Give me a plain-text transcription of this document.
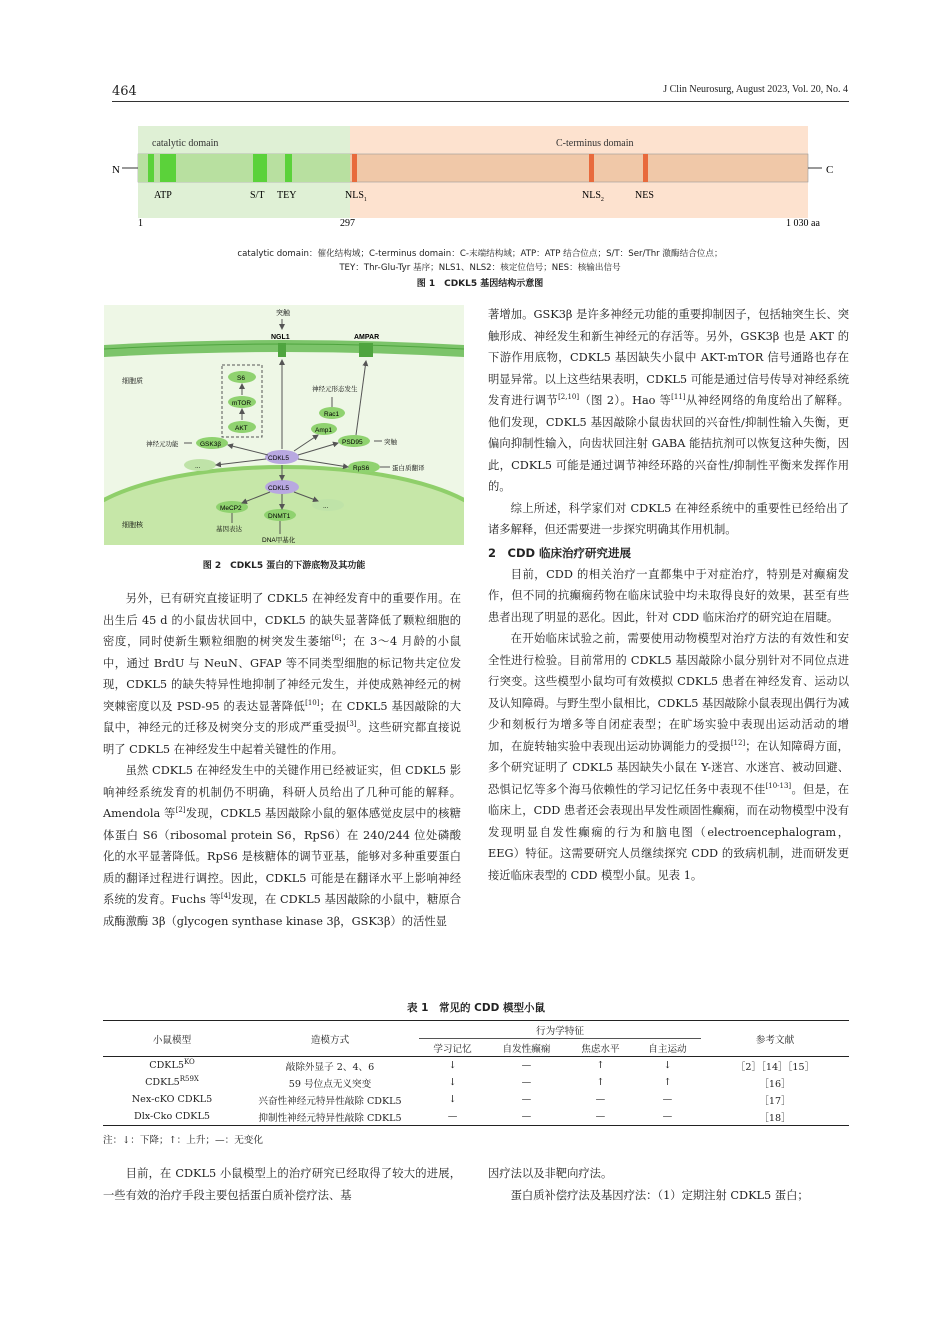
464	J Clin Neurosurg, August 2023, Vol. 20, No. 4
N	C
catalytic domain	C-terminus domain
ATP	S/T TEY	$NLS_1$	$NLS_2$	NES
1	297	1 030 aa
catalytic domain：催化结构域；C-terminus domain：C-末端结构域；ATP：ATP 结合位点；S/T：Ser/Thr 激酶结合位点；
TEY：Thr-Glu-Tyr 基序；NLS1、NLS2：核定位信号；NES：核输出信号
图 1　 CDKL5 基因结构示意图
突触
NGL1	AMPAR
细胞质
细胞核
S6
mTOR
AKT
GSK3β
神经元功能
Rac1
Amp1
神经元形态发生
PSD95	突触
RpS6	蛋白质翻译
...
CDKL5
CDKL5
MeCP2
DNMT1
...
基因表达
DNA甲基化
图 2　 CDKL5 蛋白的下游底物及其功能

著增加。GSK3β 是许多神经元功能的重要抑制因子，包括轴突生长、突触形成、神经发生和新生神经元的存活等。另外，GSK3β 也是 AKT 的下游作用底物，CDKL5 基因缺失小鼠中 AKT-mTOR 信号通路也存在明显异常。以上这些结果表明，CDKL5 可能是通过信号传导对神经系统发育进行调节[2,10]（图 2）。Hao 等[11]从神经网络的角度给出了解释。他们发现，CDKL5 基因敲除小鼠齿状回的兴奋性/抑制性输入失衡，更偏向抑制性输入，向齿状回注射 GABA 能拮抗剂可以恢复这种失衡，因此，CDKL5 可能是通过调节神经环路的兴奋性/抑制性平衡来发挥作用的。

综上所述，科学家们对 CDKL5 在神经系统中的重要性已经给出了诸多解释，但还需要进一步探究明确其作用机制。

2　CDD 临床治疗研究进展

目前，CDD 的相关治疗一直都集中于对症治疗，特别是对癫痫发作，但不同的抗癫痫药物在临床试验中均未取得良好的效果，甚至有些患者出现了明显的恶化。因此，针对 CDD 临床治疗的研究迫在眉睫。

在开始临床试验之前，需要使用动物模型对治疗方法的有效性和安全性进行检验。目前常用的 CDKL5 基因敲除小鼠分别针对不同位点进行突变。这些模型小鼠均可有效模拟 CDKL5 患者在神经发育、运动以及认知障碍。与野生型小鼠相比，CDKL5 基因敲除小鼠表现出偶行为减少和刻板行为增多等自闭症表型；在旷场实验中表现出运动活动的增加，在旋转轴实验中表现出运动协调能力的受损[12]；在认知障碍方面，多个研究证明了 CDKL5 基因缺失小鼠在 Y-迷宫、水迷宫、被动回避、恐惧记忆等多个海马依赖性的学习记忆任务中表现不佳[10-13]。但是，在临床上，CDD 患者还会表现出早发性顽固性癫痫，而在动物模型中没有发现明显自发性癫痫的行为和脑电图（electroencephalogram，EEG）特征。这需要研究人员继续探究 CDD 的致病机制，进而研发更接近临床表型的 CDD 模型小鼠。见表 1。

另外，已有研究直接证明了 CDKL5 在神经发育中的重要作用。在出生后 45 d 的小鼠齿状回中，CDKL5 的缺失显著降低了颗粒细胞的密度，同时使新生颗粒细胞的树突发生萎缩[6]；在 3～4 月龄的小鼠中，通过 BrdU 与 NeuN、GFAP 等不同类型细胞的标记物共定位发现，CDKL5 的缺失特异性地抑制了神经元发生，并使成熟神经元的树突棘密度以及 PSD-95 的表达显著降低[10]；在 CDKL5 基因敲除的大鼠中，神经元的迁移及树突分支的形成严重受损[3]。这些研究都直接说明了 CDKL5 在神经发生中起着关键性的作用。

虽然 CDKL5 在神经发生中的关键作用已经被证实，但 CDKL5 影响神经系统发育的机制仍不明确，科研人员给出了几种可能的解释。Amendola 等[2]发现，CDKL5 基因敲除小鼠的躯体感觉皮层中的核糖体蛋白 S6（ribosomal protein S6，RpS6）在 240/244 位处磷酸化的水平显著降低。RpS6 是核糖体的调节亚基，能够对多种重要蛋白质的翻译过程进行调控。因此，CDKL5 可能是在翻译水平上影响神经系统的发育。Fuchs 等[4]发现，在 CDKL5 基因敲除的小鼠中，糖原合成酶激酶 3β（glycogen synthase kinase 3β，GSK3β）的活性显

表 1　 常见的 CDD 模型小鼠
小鼠模型	造模方式	行为学特征				参考文献
		学习记忆	自发性癫痫	焦虑水平	自主运动	
$CDKL5^{KO}$	敲除外显子 2、4、6	↓	—	↑	↓	［2］［14］［15］
$CDKL5^{R59X}$	59 号位点无义突变	↓	—	↑	↑	［16］
Nex-cKO CDKL5	兴奋性神经元特异性敲除 CDKL5	↓	—	—	—	［17］
Dlx-Cko CDKL5	抑制性神经元特异性敲除 CDKL5	—	—	—	—	［18］
注：↓：下降；↑：上升；—：无变化

目前，在 CDKL5 小鼠模型上的治疗研究已经取得了较大的进展，一些有效的治疗手段主要包括蛋白质补偿疗法、基

因疗法以及非靶向疗法。

蛋白质补偿疗法及基因疗法：（1）定期注射 CDKL5 蛋白；
